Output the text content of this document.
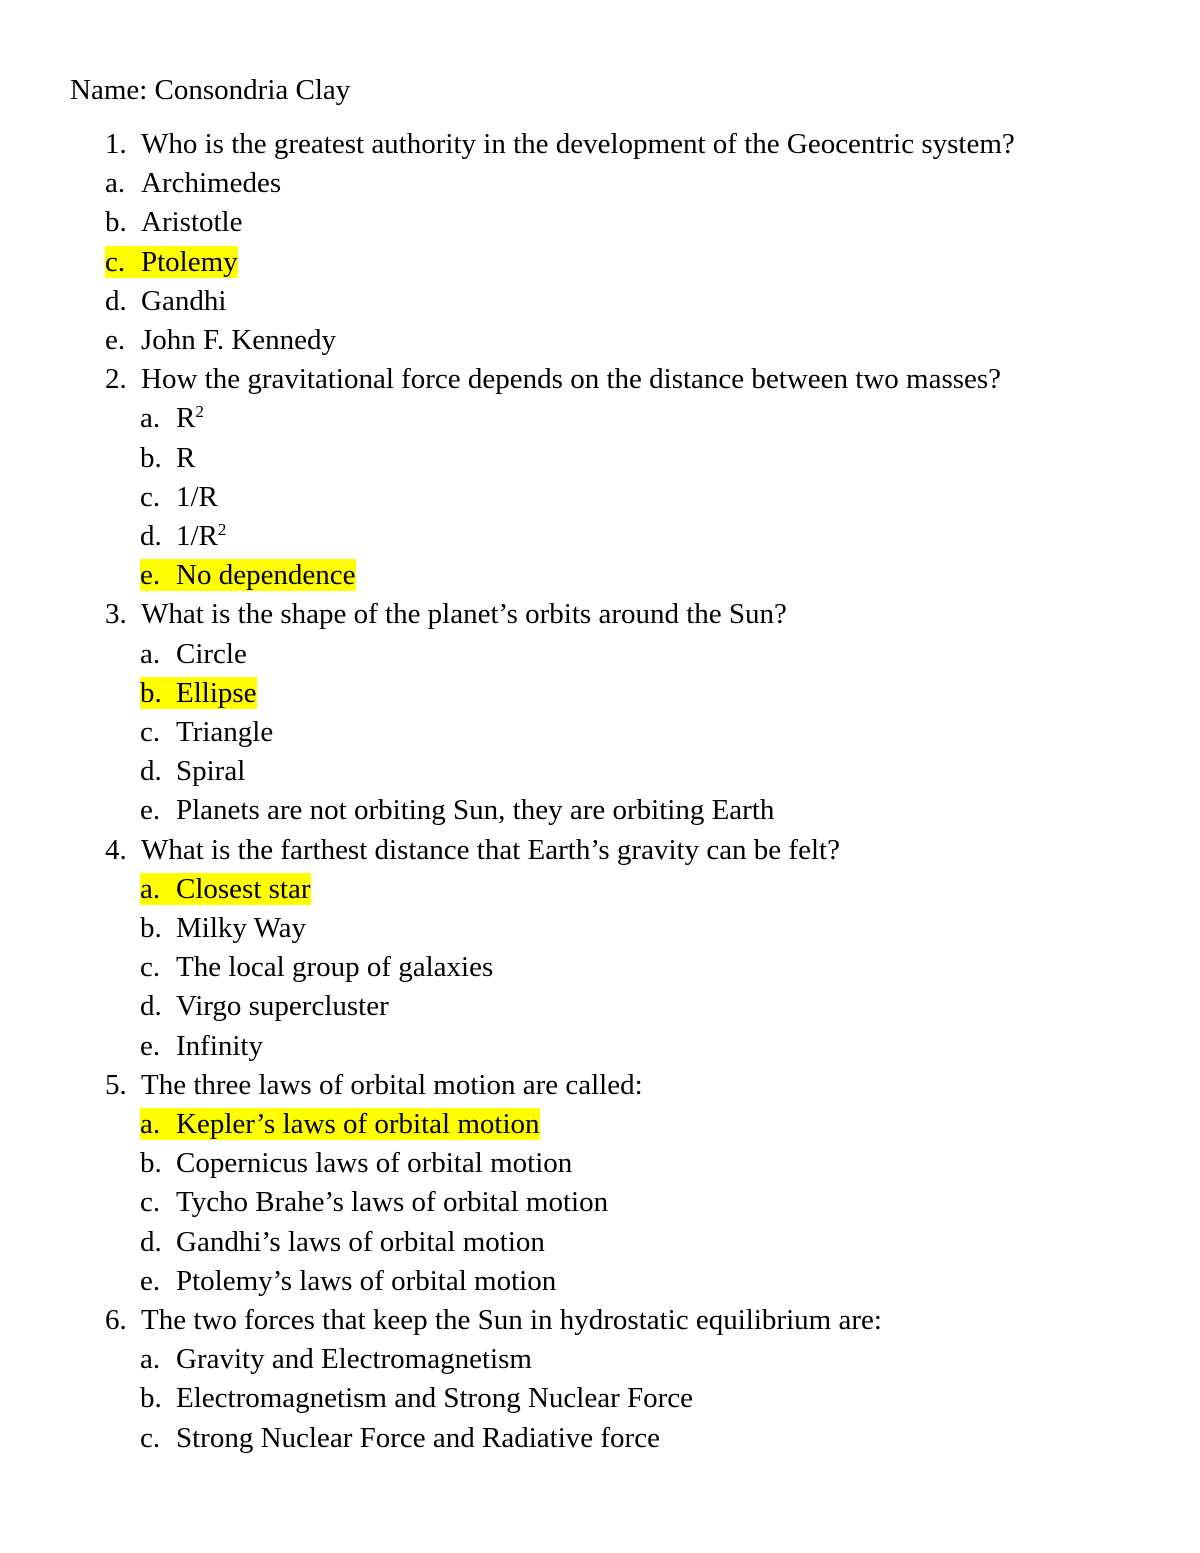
Name: Consondria Clay
1. Who is the greatest authority in the development of the Geocentric system?
a. Archimedes
b. Aristotle
c. Ptolemy
d. Gandhi
e. John F. Kennedy
2. How the gravitational force depends on the distance between two masses?
a. $R^2$
b. R
c. 1/R
d. $1/R^2$
e. No dependence
3. What is the shape of the planet’s orbits around the Sun?
a. Circle
b. Ellipse
c. Triangle
d. Spiral
e. Planets are not orbiting Sun, they are orbiting Earth
4. What is the farthest distance that Earth’s gravity can be felt?
a. Closest star
b. Milky Way
c. The local group of galaxies
d. Virgo supercluster
e. Infinity
5. The three laws of orbital motion are called:
a. Kepler’s laws of orbital motion
b. Copernicus laws of orbital motion
c. Tycho Brahe’s laws of orbital motion
d. Gandhi’s laws of orbital motion
e. Ptolemy’s laws of orbital motion
6. The two forces that keep the Sun in hydrostatic equilibrium are:
a. Gravity and Electromagnetism
b. Electromagnetism and Strong Nuclear Force
c. Strong Nuclear Force and Radiative force
